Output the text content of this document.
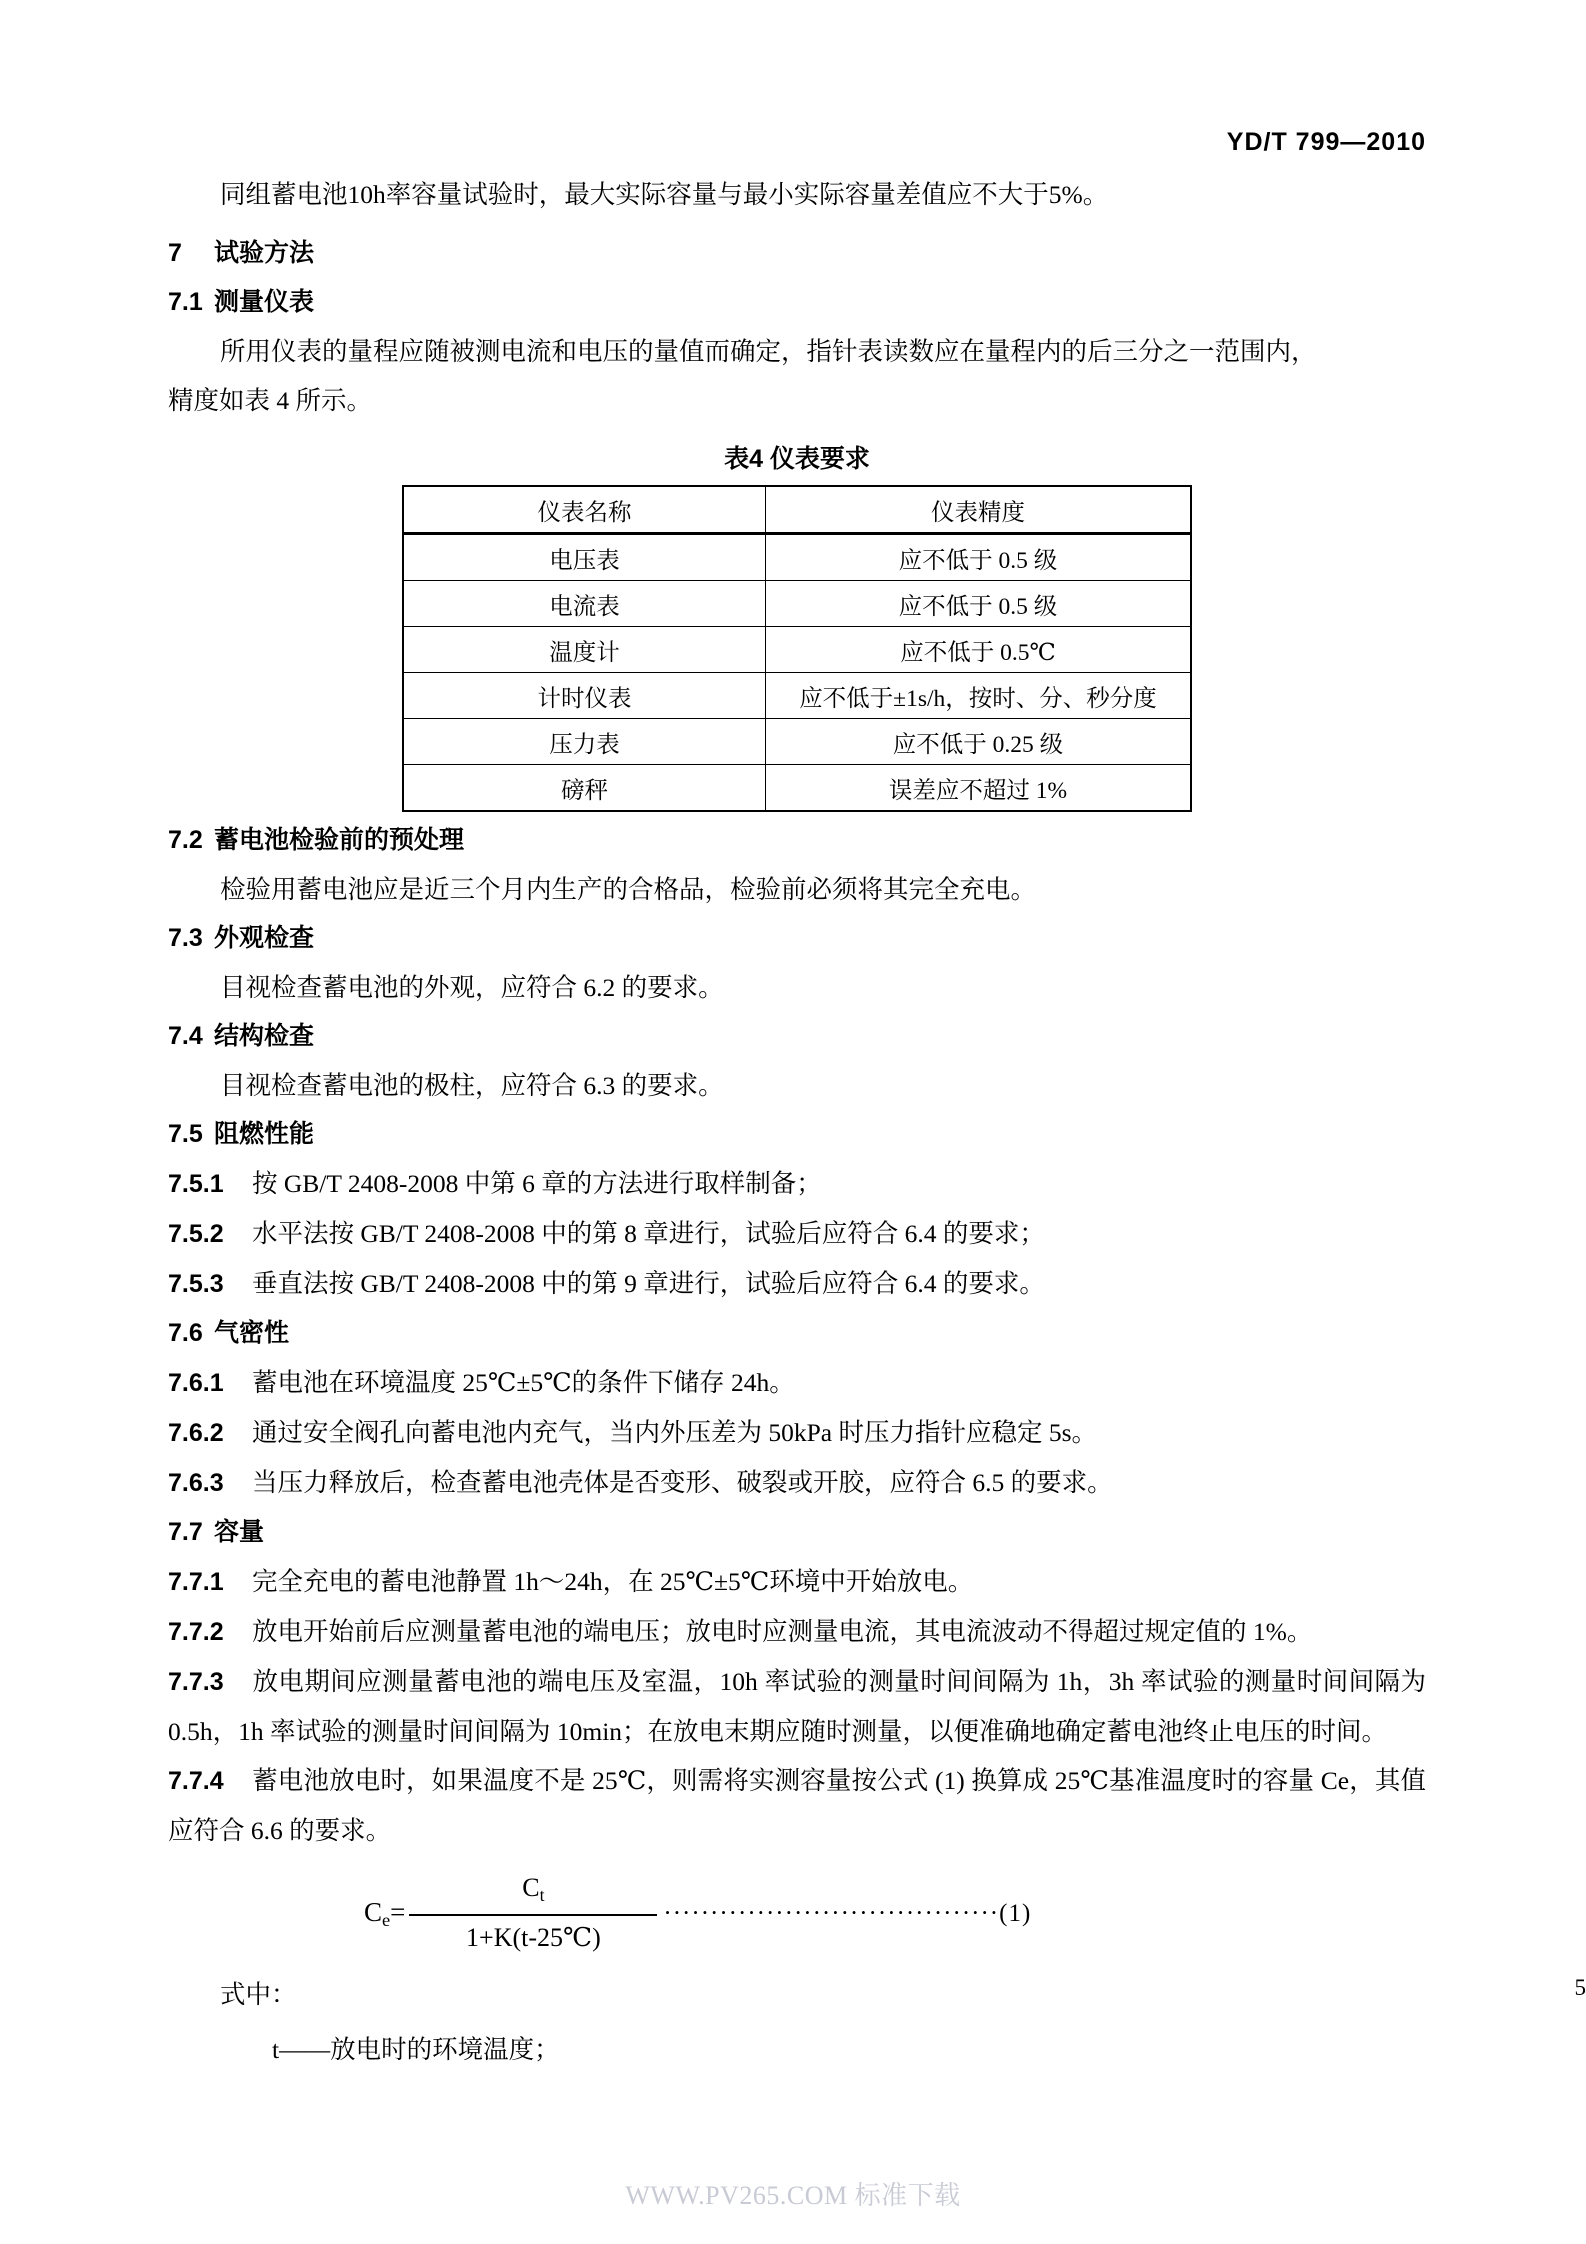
YD/T 799—2010

同组蓄电池10h率容量试验时，最大实际容量与最小实际容量差值应不大于5%。

7 试验方法

7.1 测量仪表

所用仪表的量程应随被测电流和电压的量值而确定，指针表读数应在量程内的后三分之一范围内，

精度如表 4 所示。

表4 仪表要求
仪表名称	仪表精度
电压表	应不低于 0.5 级
电流表	应不低于 0.5 级
温度计	应不低于 0.5℃
计时仪表	应不低于±1s/h，按时、分、秒分度
压力表	应不低于 0.25 级
磅秤	误差应不超过 1%

7.2 蓄电池检验前的预处理

检验用蓄电池应是近三个月内生产的合格品，检验前必须将其完全充电。

7.3 外观检查

目视检查蓄电池的外观，应符合 6.2 的要求。

7.4 结构检查

目视检查蓄电池的极柱，应符合 6.3 的要求。

7.5 阻燃性能

7.5.1 按 GB/T 2408-2008 中第 6 章的方法进行取样制备；

7.5.2 水平法按 GB/T 2408-2008 中的第 8 章进行，试验后应符合 6.4 的要求；

7.5.3 垂直法按 GB/T 2408-2008 中的第 9 章进行，试验后应符合 6.4 的要求。

7.6 气密性

7.6.1 蓄电池在环境温度 25℃±5℃的条件下储存 24h。

7.6.2 通过安全阀孔向蓄电池内充气，当内外压差为 50kPa 时压力指针应稳定 5s。

7.6.3 当压力释放后，检查蓄电池壳体是否变形、破裂或开胶，应符合 6.5 的要求。

7.7 容量

7.7.1 完全充电的蓄电池静置 1h～24h，在 25℃±5℃环境中开始放电。

7.7.2 放电开始前后应测量蓄电池的端电压；放电时应测量电流，其电流波动不得超过规定值的 1%。

7.7.3 放电期间应测量蓄电池的端电压及室温，10h 率试验的测量时间间隔为 1h，3h 率试验的测量时间间隔为 0.5h，1h 率试验的测量时间间隔为 10min；在放电末期应随时测量，以便准确地确定蓄电池终止电压的时间。

7.7.4 蓄电池放电时，如果温度不是 25℃，则需将实测容量按公式 (1) 换算成 25℃基准温度时的容量 Ce，其值应符合 6.6 的要求。

$C_e= \frac{C_t}{1+K(t-25℃)} \cdot\cdot\cdot\cdot\cdot\cdot\cdot\cdot\cdot\cdot\cdot\cdot\cdot\cdot\cdot\cdot\cdot\cdot\cdot\cdot\cdot\cdot\cdot\cdot\cdot\cdot\cdot\cdot\cdot\cdot\cdot\cdot\cdot\cdot\cdot\cdot(1)$

式中：

t——放电时的环境温度；

5
WWW.PV265.COM 标准下载
